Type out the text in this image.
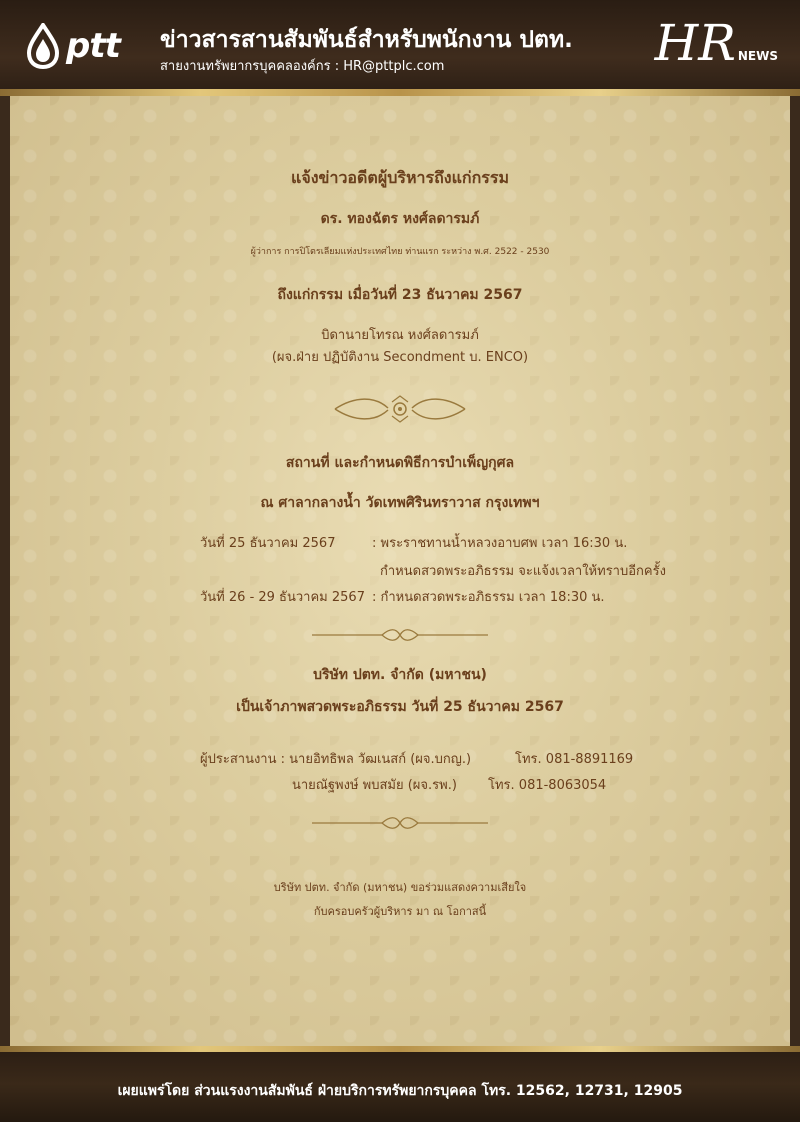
ptt ข่าวสารสานสัมพันธ์สำหรับพนักงาน ปตท.
สายงานทรัพยากรบุคคลองค์กร : HR@pttplc.com	HR NEWS
แจ้งข่าวอดีตผู้บริหารถึงแก่กรรม
ดร. ทองฉัตร หงศ์ลดารมภ์
ผู้ว่าการ การปิโตรเลียมแห่งประเทศไทย ท่านแรก ระหว่าง พ.ศ. 2522 - 2530
ถึงแก่กรรม เมื่อวันที่ 23 ธันวาคม 2567
บิดานายโทรณ หงศ์ลดารมภ์
(ผจ.ฝ่าย ปฏิบัติงาน Secondment บ. ENCO)
สถานที่ และกำหนดพิธีการบำเพ็ญกุศล
ณ ศาลากลางน้ำ วัดเทพศิรินทราวาส กรุงเทพฯ
วันที่ 25 ธันวาคม 2567	: พระราชทานน้ำหลวงอาบศพ เวลา 16:30 น.
กำหนดสวดพระอภิธรรม จะแจ้งเวลาให้ทราบอีกครั้ง
วันที่ 26 - 29 ธันวาคม 2567 : กำหนดสวดพระอภิธรรม เวลา 18:30 น.
บริษัท ปตท. จำกัด (มหาชน)
เป็นเจ้าภาพสวดพระอภิธรรม วันที่ 25 ธันวาคม 2567
ผู้ประสานงาน : นายอิทธิพล วัฒเนสก์ (ผจ.บกญ.)	โทร. 081-8891169
นายณัฐพงษ์ พบสมัย (ผจ.รพ.) โทร. 081-8063054
บริษัท ปตท. จำกัด (มหาชน) ขอร่วมแสดงความเสียใจ
กับครอบครัวผู้บริหาร มา ณ โอกาสนี้
เผยแพร่โดย ส่วนแรงงานสัมพันธ์ ฝ่ายบริการทรัพยากรบุคคล โทร. 12562, 12731, 12905
